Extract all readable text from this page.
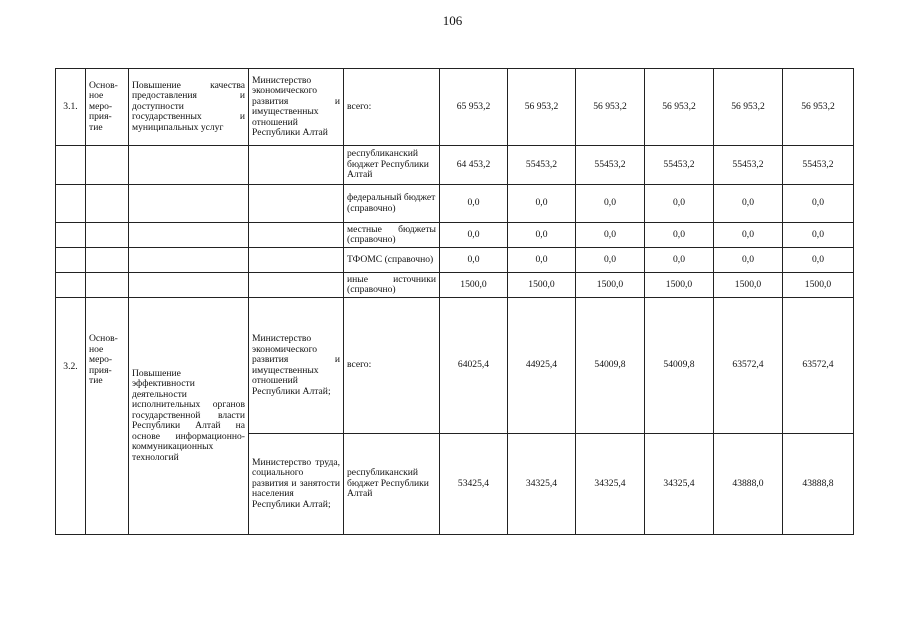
106
3.1.	Основ-
ное
меро-
прия-
тие	Повышение качества предоставления и доступности государственных и муниципальных услуг	Министерство экономического развития и имущественных отношений Республики Алтай	всего:	65 953,2	56 953,2	56 953,2	56 953,2	56 953,2	56 953,2
				республиканский бюджет Республики Алтай	64 453,2	55453,2	55453,2	55453,2	55453,2	55453,2
				федеральный бюджет (справочно)	0,0	0,0	0,0	0,0	0,0	0,0
				местные бюджеты (справочно)	0,0	0,0	0,0	0,0	0,0	0,0
				ТФОМС (справочно)	0,0	0,0	0,0	0,0	0,0	0,0
				иные источники (справочно)	1500,0	1500,0	1500,0	1500,0	1500,0	1500,0
3.2.	Основ-
ное
меро-
прия-
тие	Повышение эффективности деятельности исполнительных органов государственной власти Республики Алтай на основе информационно-коммуникационных технологий	Министерство экономического развития и имущественных отношений Республики Алтай;	всего:	64025,4	44925,4	54009,8	54009,8	63572,4	63572,4
			Министерство труда, социального развития и занятости населения Республики Алтай;	республиканский бюджет Республики Алтай	53425,4	34325,4	34325,4	34325,4	43888,0	43888,8
